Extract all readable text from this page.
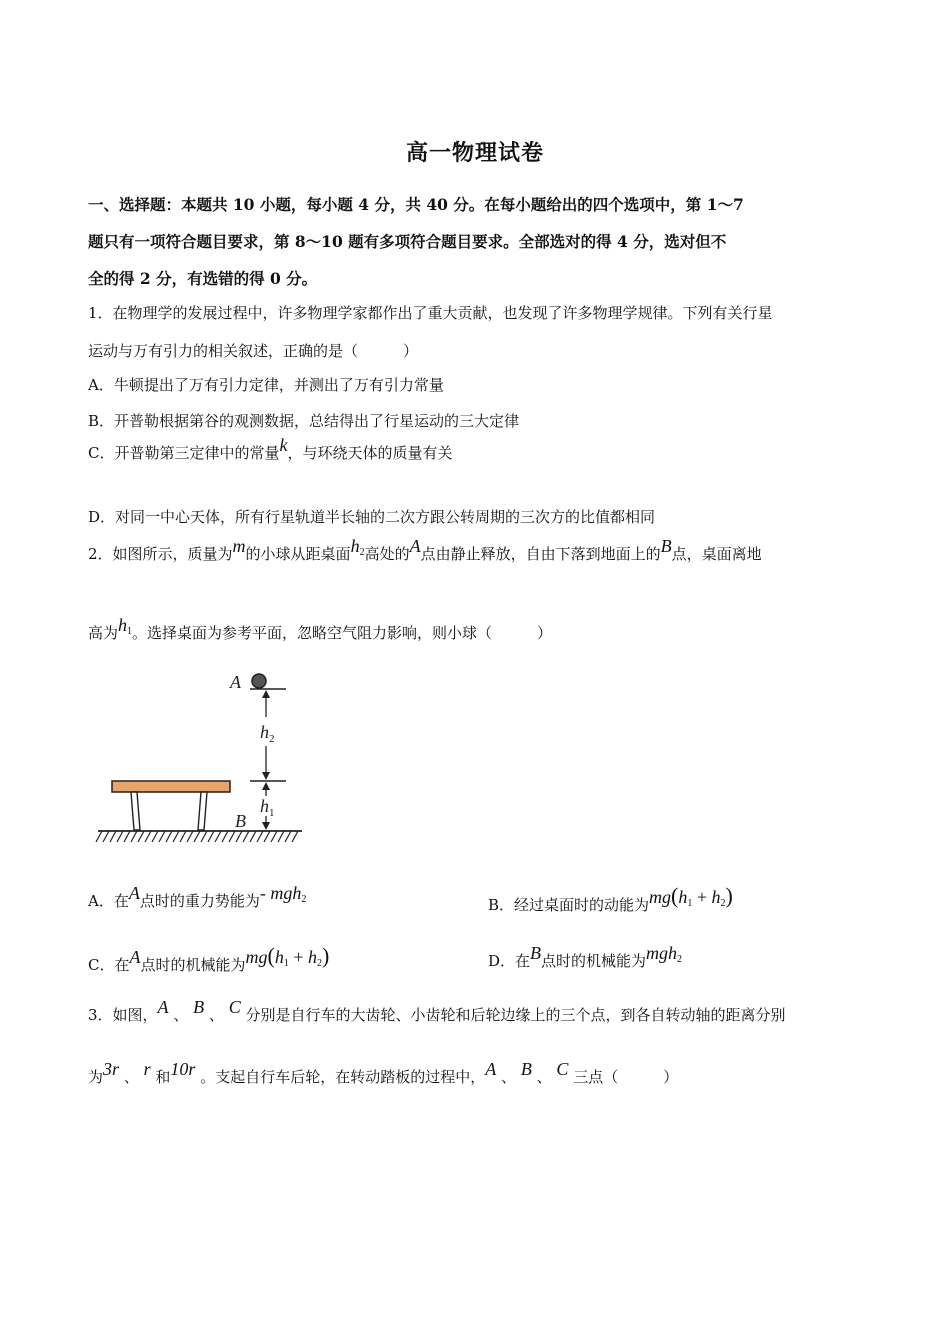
高一物理试卷
一、选择题：本题共 10 小题，每小题 4 分，共 40 分。在每小题给出的四个选项中，第 1～7
题只有一项符合题目要求，第 8～10 题有多项符合题目要求。全部选对的得 4 分，选对但不
全的得 2 分，有选错的得 0 分。
1．在物理学的发展过程中，许多物理学家都作出了重大贡献，也发现了许多物理学规律。下列有关行星
运动与万有引力的相关叙述，正确的是（　　　）
A．牛顿提出了万有引力定律，并测出了万有引力常量
B．开普勒根据第谷的观测数据，总结得出了行星运动的三大定律
C．开普勒第三定律中的常量k，与环绕天体的质量有关
D．对同一中心天体，所有行星轨道半长轴的二次方跟公转周期的三次方的比值都相同
2．如图所示，质量为m的小球从距桌面$h_2$高处的A点由静止释放，自由下落到地面上的B点，桌面离地
高为$h_1$。选择桌面为参考平面，忽略空气阻力影响，则小球（　　　）
A
$h_2$
$h_1$
B
A．在A点时的重力势能为- mgh$_2$	B．经过桌面时的动能为$mg(h_1 + h_2)$
C．在A点时的机械能为$mg(h_1 + h_2)$	D．在B点时的机械能为mgh$_2$
3．如图，A 、 B 、 C 分别是自行车的大齿轮、小齿轮和后轮边缘上的三个点，到各自转动轴的距离分别
为3r 、 r 和10r 。支起自行车后轮，在转动踏板的过程中，A 、 B 、 C 三点（　　　）
